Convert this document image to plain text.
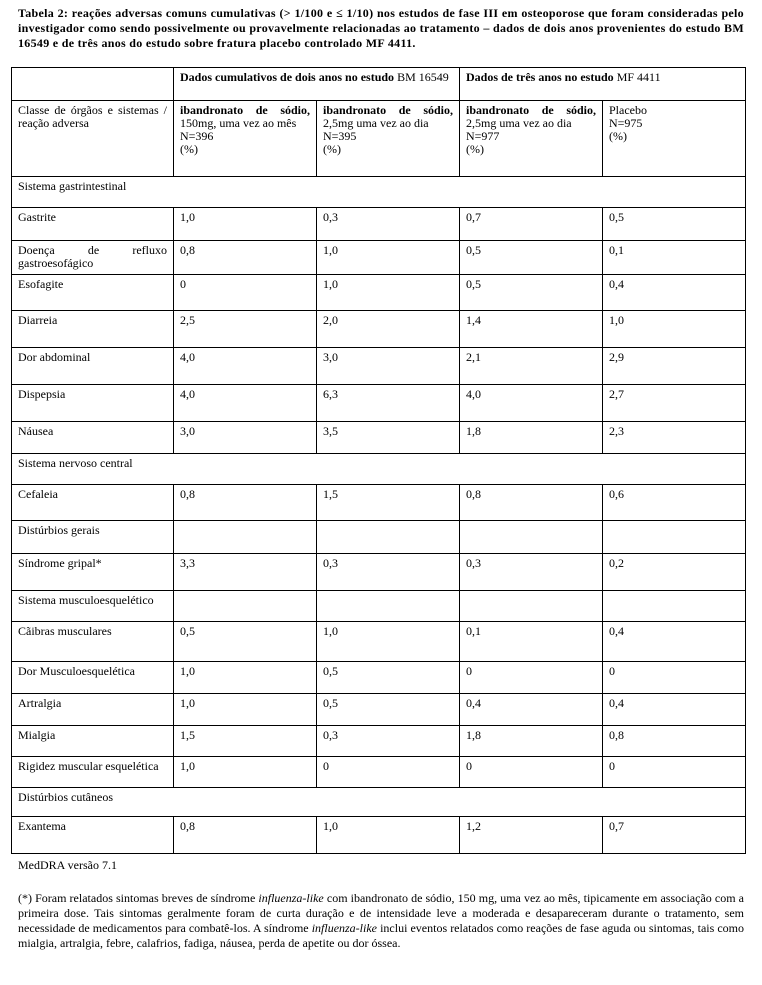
Tabela 2: reações adversas comuns cumulativas (> 1/100 e ≤ 1/10) nos estudos de fase III em osteoporose que foram consideradas pelo investigador como sendo possivelmente ou provavelmente relacionadas ao tratamento – dados de dois anos provenientes do estudo BM 16549 e de três anos do estudo sobre fratura placebo controlado MF 4411.
	Dados cumulativos de dois anos no estudo BM 16549		Dados de três anos no estudo MF 4411	
Classe de órgãos e sistemas / reação adversa	ibandronato de sódio, 150mg, uma vez ao mês
N=396
(%)	ibandronato de sódio, 2,5mg uma vez ao dia
N=395
(%)	ibandronato de sódio, 2,5mg uma vez ao dia
N=977
(%)	Placebo
N=975
(%)
Sistema gastrintestinal				
Gastrite	1,0	0,3	0,7	0,5
Doença de refluxo gastroesofágico	0,8	1,0	0,5	0,1
Esofagite	0	1,0	0,5	0,4
Diarreia	2,5	2,0	1,4	1,0
Dor abdominal	4,0	3,0	2,1	2,9
Dispepsia	4,0	6,3	4,0	2,7
Náusea	3,0	3,5	1,8	2,3
Sistema nervoso central				
Cefaleia	0,8	1,5	0,8	0,6
Distúrbios gerais				
Síndrome gripal*	3,3	0,3	0,3	0,2
Sistema musculoesquelético				
Cãibras musculares	0,5	1,0	0,1	0,4
Dor Musculoesquelética	1,0	0,5	0	0
Artralgia	1,0	0,5	0,4	0,4
Mialgia	1,5	0,3	1,8	0,8
Rigidez muscular esquelética	1,0	0	0	0
Distúrbios cutâneos				
Exantema	0,8	1,0	1,2	0,7
MedDRA versão 7.1
(*) Foram relatados sintomas breves de síndrome influenza-like com ibandronato de sódio, 150 mg, uma vez ao mês, tipicamente em associação com a primeira dose. Tais sintomas geralmente foram de curta duração e de intensidade leve a moderada e desapareceram durante o tratamento, sem necessidade de medicamentos para combatê-los. A síndrome influenza-like inclui eventos relatados como reações de fase aguda ou sintomas, tais como mialgia, artralgia, febre, calafrios, fadiga, náusea, perda de apetite ou dor óssea.
